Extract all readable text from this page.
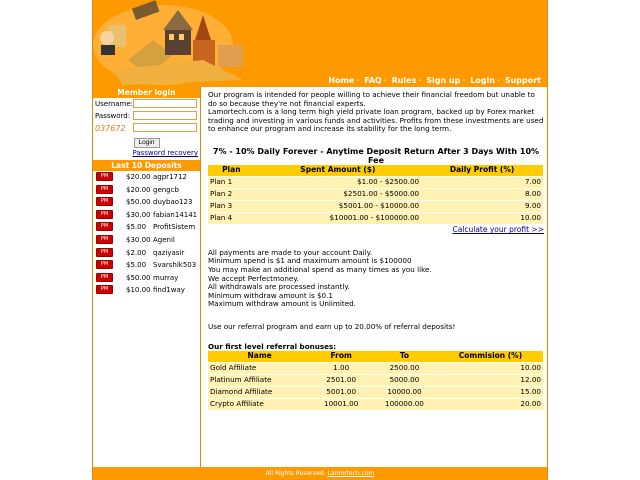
Home · FAQ · Rules · Sign up · Login · Support
Member login
Username:
Password:
037672
Login
Password recovery
Last 10 Deposits
PM	$20.00 agpr1712
PM	$20.00 gengcb
PM	$50.00 duybao123
PM	$30.00 fabian14141
PM	$5.00 ProfitSistem
PM	$30.00 Agenil
PM	$2.00 qaziyasir
PM	$5.00 Svarshik503
PM	$50.00 murray
PM	$10.00 find1way

Our program is intended for people willing to achieve their financial freedom but unable to do so because they're not financial experts.
Lamortech.com is a long term high yield private loan program, backed up by Forex market trading and investing in various funds and activities. Profits from these investments are used to enhance our program and increase its stability for the long term.

7% - 10% Daily Forever - Anytime Deposit Return After 3 Days With 10% Fee
Plan	Spent Amount ($)	Daily Profit (%)
Plan 1	$1.00 - $2500.00	7.00
Plan 2	$2501.00 - $5000.00	8.00
Plan 3	$5001.00 - $10000.00	9.00
Plan 4	$10001.00 - $100000.00	10.00
Calculate your profit >>

All payments are made to your account Daily.

Minimum spend is $1 and maximum amount is $100000

You may make an additional spend as many times as you like.

We accept Perfectmoney.

All withdrawals are processed instantly.

Minimum withdraw amount is $0.1

Maximum withdraw amount is Unlimited.

Use our referral program and earn up to 20.00% of referral deposits!

Our first level referral bonuses:

Name	From	To	Commision (%)
Gold Affiliate	1.00	2500.00	10.00
Platinum Affiliate	2501.00	5000.00	12.00
Diamond Affiliate	5001.00	10000.00	15.00
Crypto Affiliate	10001.00	100000.00	20.00
All Rights Reserved. Lamortech.com
